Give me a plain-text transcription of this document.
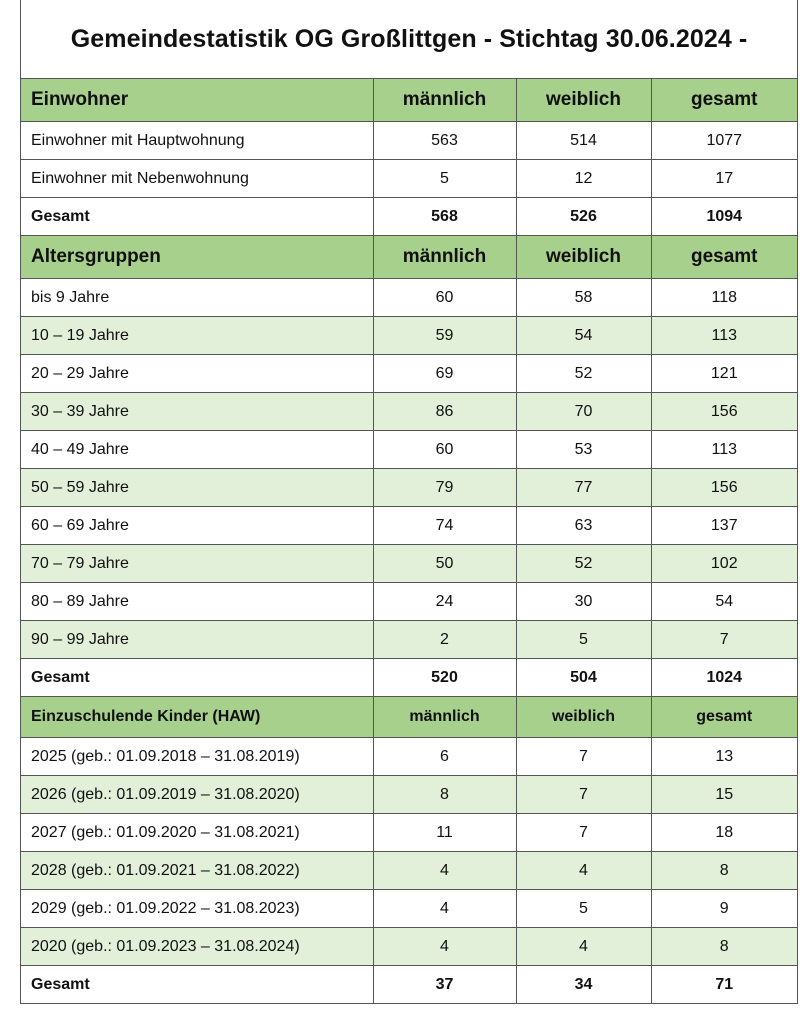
Gemeindestatistik OG Großlittgen - Stichtag 30.06.2024 -
Einwohner	männlich	weiblich	gesamt
Einwohner mit Hauptwohnung	563	514	1077
Einwohner mit Nebenwohnung	5	12	17
Gesamt	568	526	1094
Altersgruppen	männlich	weiblich	gesamt
bis 9 Jahre	60	58	118
10 – 19 Jahre	59	54	113
20 – 29 Jahre	69	52	121
30 – 39 Jahre	86	70	156
40 – 49 Jahre	60	53	113
50 – 59 Jahre	79	77	156
60 – 69 Jahre	74	63	137
70 – 79 Jahre	50	52	102
80 – 89 Jahre	24	30	54
90 – 99 Jahre	2	5	7
Gesamt	520	504	1024
Einzuschulende Kinder (HAW)	männlich	weiblich	gesamt
2025 (geb.: 01.09.2018 – 31.08.2019)	6	7	13
2026 (geb.: 01.09.2019 – 31.08.2020)	8	7	15
2027 (geb.: 01.09.2020 – 31.08.2021)	11	7	18
2028 (geb.: 01.09.2021 – 31.08.2022)	4	4	8
2029 (geb.: 01.09.2022 – 31.08.2023)	4	5	9
2020 (geb.: 01.09.2023 – 31.08.2024)	4	4	8
Gesamt	37	34	71
